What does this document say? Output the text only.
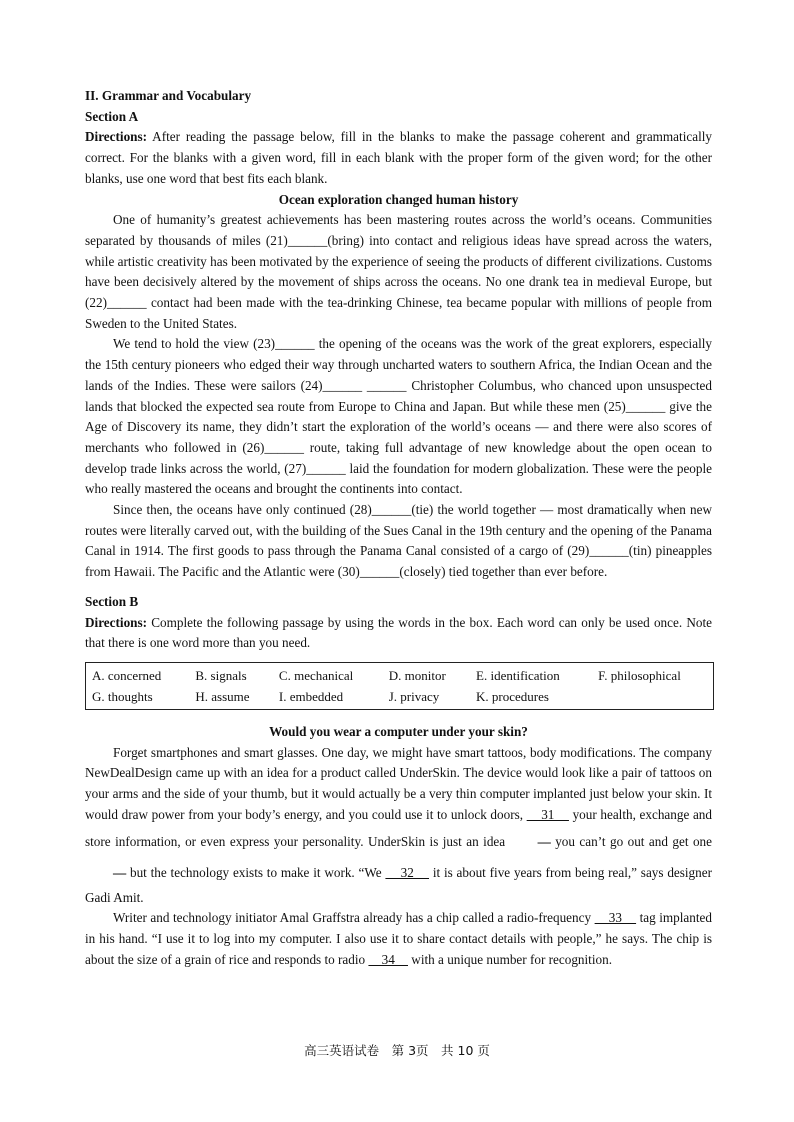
II. Grammar and Vocabulary

Section A

Directions: After reading the passage below, fill in the blanks to make the passage coherent and grammatically correct. For the blanks with a given word, fill in each blank with the proper form of the given word; for the other blanks, use one word that best fits each blank.

Ocean exploration changed human history

One of humanity’s greatest achievements has been mastering routes across the world’s oceans. Communities separated by thousands of miles (21)______(bring) into contact and religious ideas have spread across the waters, while artistic creativity has been motivated by the experience of seeing the products of different civilizations. Customs have been decisively altered by the movement of ships across the oceans. No one drank tea in medieval Europe, but (22)______ contact had been made with the tea-drinking Chinese, tea became popular with millions of people from Sweden to the United States.

We tend to hold the view (23)______ the opening of the oceans was the work of the great explorers, especially the 15th century pioneers who edged their way through uncharted waters to southern Africa, the Indian Ocean and the lands of the Indies. These were sailors (24)______ ______ Christopher Columbus, who chanced upon unsuspected lands that blocked the expected sea route from Europe to China and Japan. But while these men (25)______ give the Age of Discovery its name, they didn’t start the exploration of the world’s oceans — and there were also scores of merchants who followed in (26)______ route, taking full advantage of new knowledge about the open ocean to develop trade links across the world, (27)______ laid the foundation for modern globalization. These were the people who really mastered the oceans and brought the continents into contact.

Since then, the oceans have only continued (28)______(tie) the world together — most dramatically when new routes were literally carved out, with the building of the Sues Canal in the 19th century and the opening of the Panama Canal in 1914. The first goods to pass through the Panama Canal consisted of a cargo of (29)______(tin) pineapples from Hawaii. The Pacific and the Atlantic were (30)______(closely) tied together than ever before.

Section B

Directions: Complete the following passage by using the words in the box. Each word can only be used once. Note that there is one word more than you need.

A. concerned	B. signals	C. mechanical	D. monitor	E. identification	F. philosophical
G. thoughts	H. assume	I. embedded	J. privacy	K. procedures	

Would you wear a computer under your skin?

Forget smartphones and smart glasses. One day, we might have smart tattoos, body modifications. The company NewDealDesign came up with an idea for a product called UnderSkin. The device would look like a pair of tattoos on your arms and the side of your thumb, but it would actually be a very thin computer implanted just below your skin. It would draw power from your body’s energy, and you could use it to unlock doors,     31     your health, exchange and store information, or even express your personality. UnderSkin is just an idea — you can’t go out and get one — but the technology exists to make it work. “We     32     it is about five years from being real,” says designer Gadi Amit.

Writer and technology initiator Amal Graffstra already has a chip called a radio-frequency     33     tag implanted in his hand. “I use it to log into my computer. I also use it to share contact details with people,” he says. The chip is about the size of a grain of rice and responds to radio     34     with a unique number for recognition.

高三英语试卷　第 3页　共 10 页
